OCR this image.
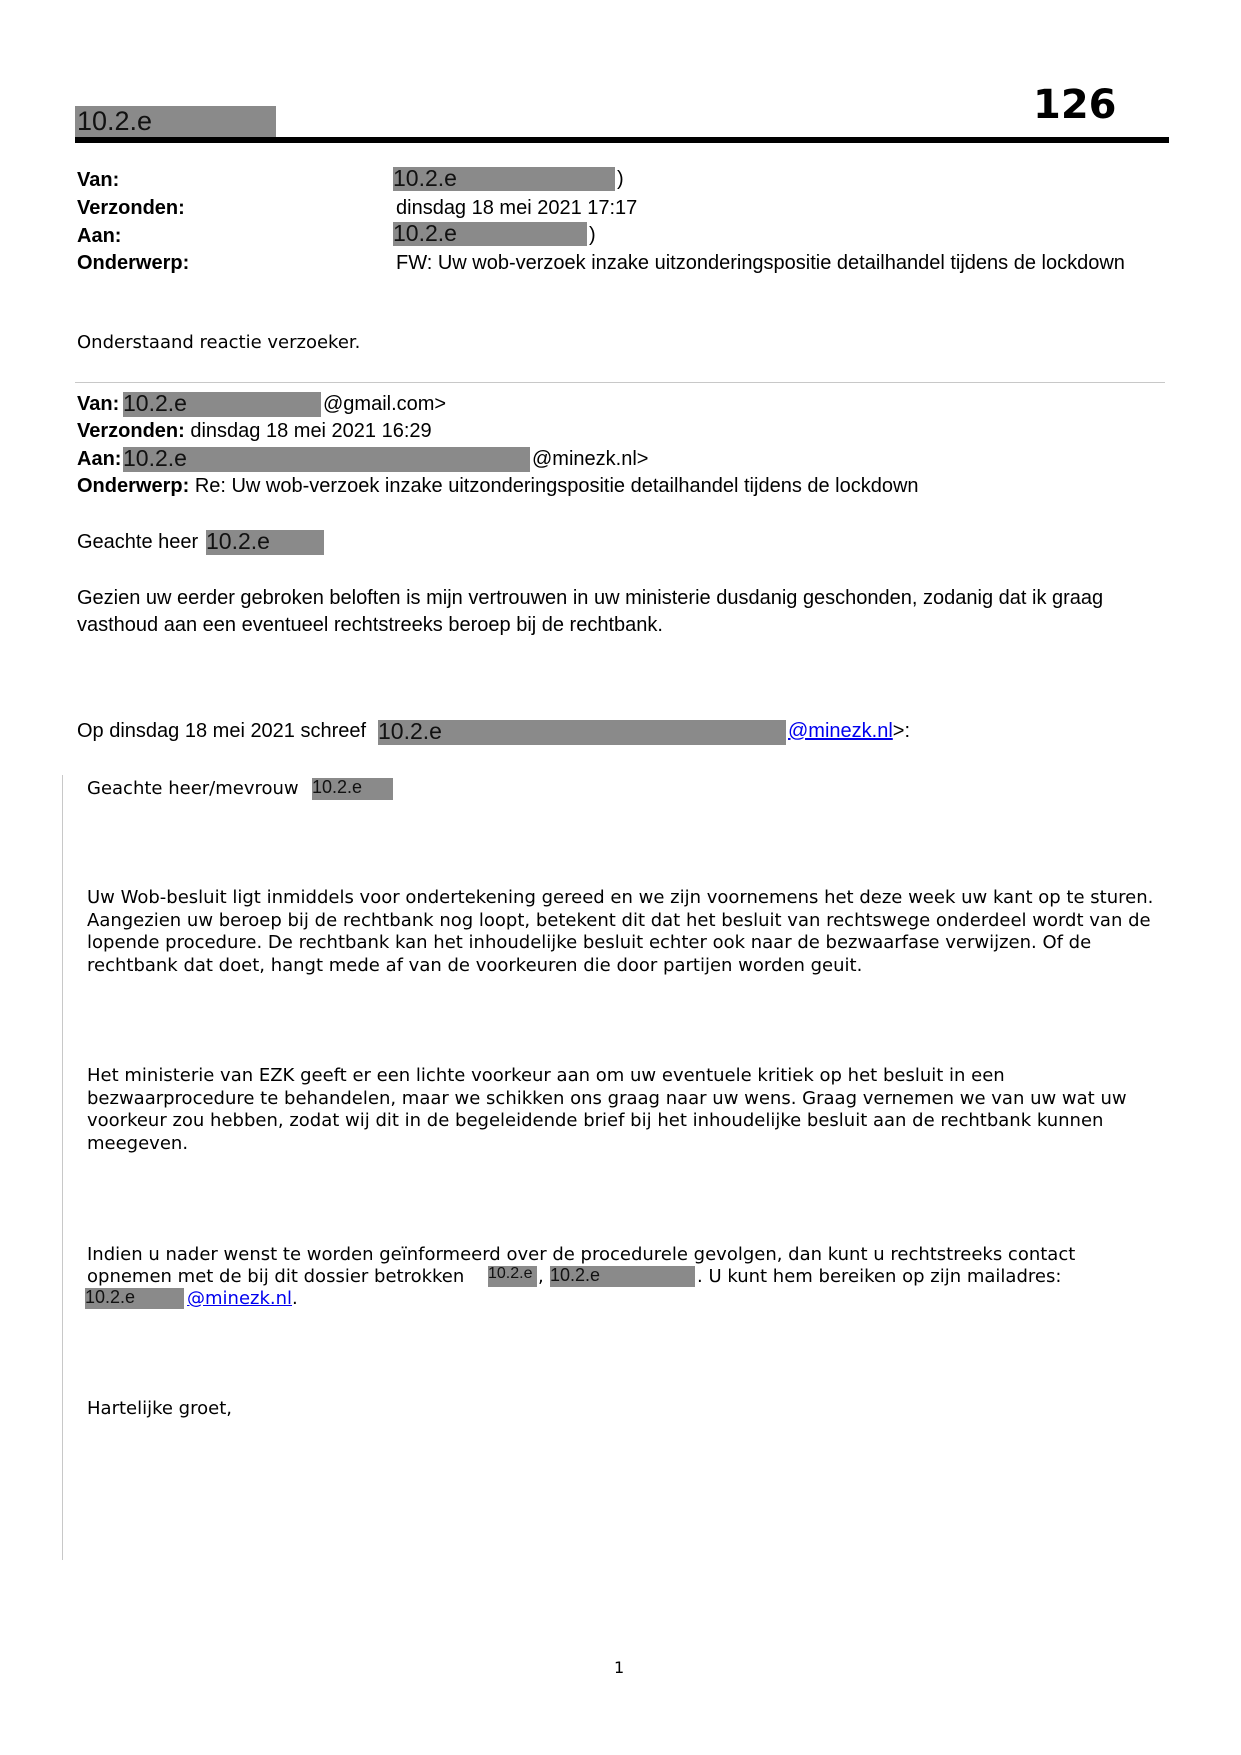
10.2.e	126
Van:	10.2.e	)
Verzonden:	dinsdag 18 mei 2021 17:17
Aan:	10.2.e	)
Onderwerp:	FW: Uw wob-verzoek inzake uitzonderingspositie detailhandel tijdens de lockdown
Onderstaand reactie verzoeker.
Van: 10.2.e	@gmail.com>
Verzonden: dinsdag 18 mei 2021 16:29
Aan: 10.2.e	@minezk.nl>
Onderwerp: Re: Uw wob-verzoek inzake uitzonderingspositie detailhandel tijdens de lockdown
Geachte heer 10.2.e
Gezien uw eerder gebroken beloften is mijn vertrouwen in uw ministerie dusdanig geschonden, zodanig dat ik graag
vasthoud aan een eventueel rechtstreeks beroep bij de rechtbank.
Op dinsdag 18 mei 2021 schreef 10.2.e	@minezk.nl>:
Geachte heer/mevrouw 10.2.e
Uw Wob-besluit ligt inmiddels voor ondertekening gereed en we zijn voornemens het deze week uw kant op te sturen. Aangezien uw beroep bij de rechtbank nog loopt, betekent dit dat het besluit van rechtswege onderdeel wordt van de lopende procedure. De rechtbank kan het inhoudelijke besluit echter ook naar de bezwaarfase verwijzen. Of de rechtbank dat doet, hangt mede af van de voorkeuren die door partijen worden geuit.
Het ministerie van EZK geeft er een lichte voorkeur aan om uw eventuele kritiek op het besluit in een bezwaarprocedure te behandelen, maar we schikken ons graag naar uw wens. Graag vernemen we van uw wat uw voorkeur zou hebben, zodat wij dit in de begeleidende brief bij het inhoudelijke besluit aan de rechtbank kunnen meegeven.
Indien u nader wenst te worden geïnformeerd over de procedurele gevolgen, dan kunt u rechtstreeks contact
opnemen met de bij dit dossier betrokken 10.2.e , 10.2.e	. U kunt hem bereiken op zijn mailadres:
10.2.e	@minezk.nl.
Hartelijke groet,
1
